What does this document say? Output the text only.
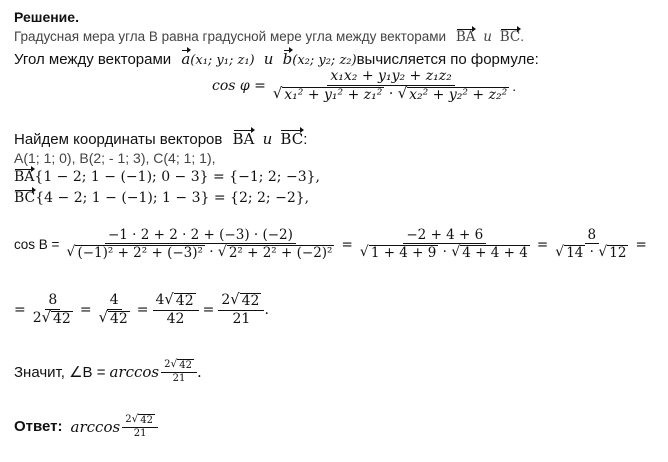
Решение.
Градусная мера угла В равна градусной мере угла между векторами BA и BC.
Угол между векторами a(x₁; y₁; z₁) и b(x₂; y₂; z₂)вычисляется по формуле:
$\cos \varphi = \frac{\text{x₁x₂ + y₁y₂ + z₁z₂}}{\text{√ x₁² + y₁² + z₁² · √ x₂² + y₂² + z₂²}}$ .
Найдем координаты векторов BA и BC:
A(1; 1; 0), B(2; - 1; 3), C(4; 1; 1),
BA{1 − 2; 1 − (−1); 0 − 3} = {−1; 2; −3},
BC{4 − 2; 1 − (−1); 1 − 3} = {2; 2; −2},
$\cos B = \frac{-1 \cdot 2 + 2 \cdot 2 + (-3) \cdot (-2)}{\text{√ (−1)² + 2² + (−3)² · √ 2² + 2² + (−2)²}} = \frac{-2 + 4 + 6}{√ 1 + 4 + 9 \cdot √ 4 + 4 + 4} = \frac{8}{√ 14 \cdot √ 12}$ =
= $\frac{8}{2 √ 42} = \frac{4}{√ 42} = \frac{4 √ 42}{42} = \frac{2 √ 42}{21}$ .
Значит, ∠B = $\arccos \frac{2 √ 42}{21}$ .
Ответ: $\arccos \frac{2 √ 42}{21}$
